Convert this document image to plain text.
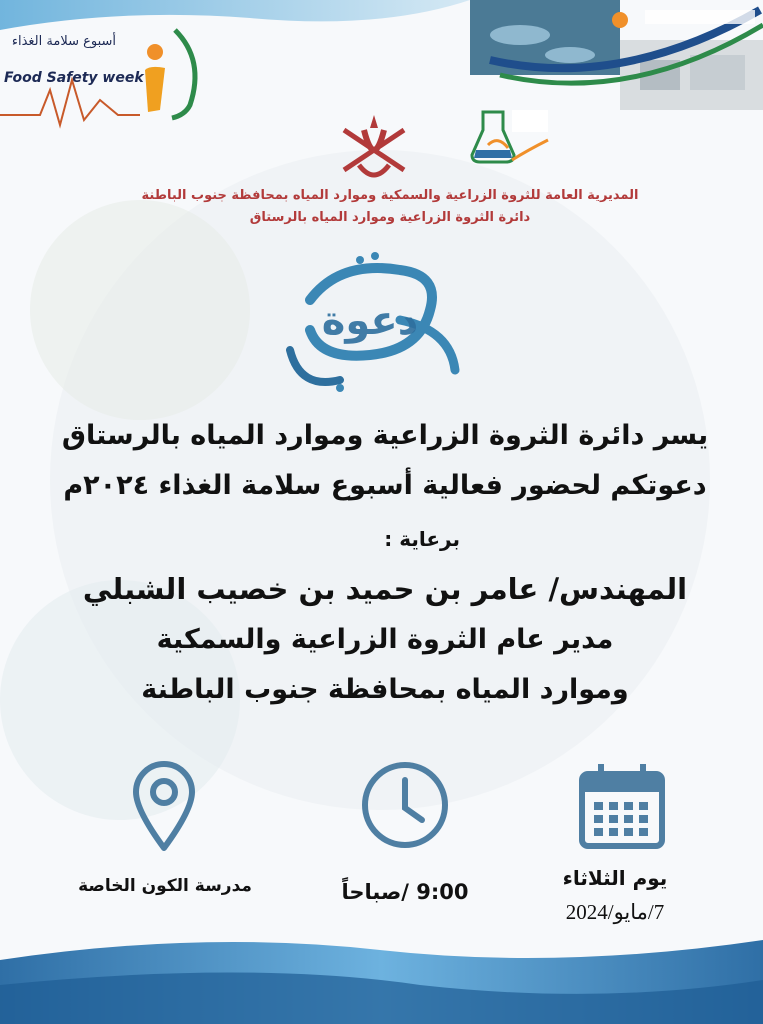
أسبوع سلامة الغذاء
Food Safety week
المديرية العامة للثروة الزراعية والسمكية وموارد المياه بمحافظة جنوب الباطنة
دائرة الثروة الزراعية وموارد المياه بالرستاق
دعوة
يسر دائرة الثروة الزراعية وموارد المياه بالرستاق
دعوتكم لحضور فعالية أسبوع سلامة الغذاء ٢٠٢٤م
برعاية :
المهندس/ عامر بن حميد بن خصيب الشبلي
مدير عام الثروة الزراعية والسمكية
وموارد المياه بمحافظة جنوب الباطنة
يوم الثلاثاء
7/مايو/2024
9:00 /صباحاً
مدرسة الكون الخاصة
